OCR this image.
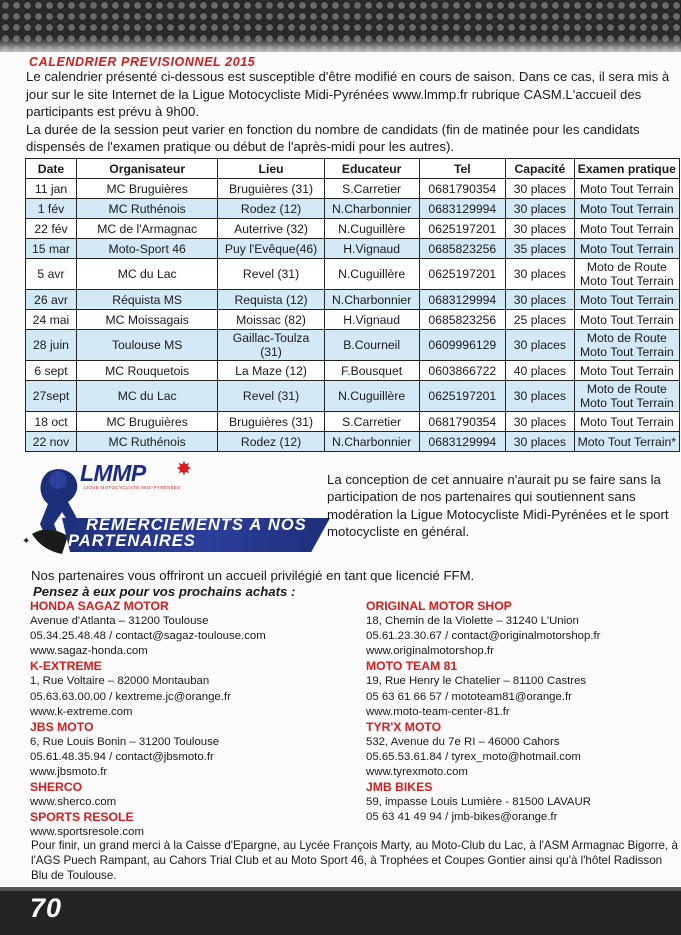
CALENDRIER PREVISIONNEL 2015

Le calendrier présenté ci-dessous est susceptible d'être modifié en cours de saison. Dans ce cas, il sera mis à jour sur le site Internet de la Ligue Motocycliste Midi-Pyrénées www.lmmp.fr rubrique CASM.L'accueil des participants est prévu à 9h00.

La durée de la session peut varier en fonction du nombre de candidats (fin de matinée pour les candidats dispensés de l'examen pratique ou début de l'après-midi pour les autres).

Date	Organisateur	Lieu	Educateur	Tel	Capacité	Examen pratique
11 jan	MC Bruguières	Bruguières (31)	S.Carretier	0681790354	30 places	Moto Tout Terrain

1 fév	MC Ruthénois	Rodez (12)	N.Charbonnier	0683129994	30 places	Moto Tout Terrain

22 fév	MC de l'Armagnac	Auterrive (32)	N.Cuguillère	0625197201	30 places	Moto Tout Terrain

15 mar	Moto-Sport 46	Puy l'Evêque(46)	H.Vignaud	0685823256	35 places	Moto Tout Terrain

5 avr	MC du Lac	Revel (31)	N.Cuguillère	0625197201	30 places	Moto de Route
Moto Tout Terrain

26 avr	Réquista MS	Requista (12)	N.Charbonnier	0683129994	30 places	Moto Tout Terrain

24 mai	MC Moissagais	Moissac (82)	H.Vignaud	0685823256	25 places	Moto Tout Terrain

28 juin	Toulouse MS	Gaillac-Toulza (31)	B.Courneil	0609996129	30 places	Moto de Route
Moto Tout Terrain

6 sept	MC Rouquetois	La Maze (12)	F.Bousquet	0603866722	40 places	Moto Tout Terrain

27sept	MC du Lac	Revel (31)	N.Cuguillère	0625197201	30 places	Moto de Route
Moto Tout Terrain

18 oct	MC Bruguières	Bruguières (31)	S.Carretier	0681790354	30 places	Moto Tout Terrain

22 nov	MC Ruthénois	Rodez (12)	N.Charbonnier	0683129994	30 places	Moto Tout Terrain*
LMMP ✸
LIGUE MOTOCYCLISTE MIDI-PYRÉNÉES
REMERCIEMENTS À NOS
PARTENAIRES
✦
La conception de cet annuaire n'aurait pu se faire sans la participation de nos partenaires qui soutiennent sans modération la Ligue Motocycliste Midi-Pyrénées et le sport motocycliste en général.
Nos partenaires vous offriront un accueil privilégié en tant que licencié FFM.
Pensez à eux pour vos prochains achats :
HONDA SAGAZ MOTOR
Avenue d'Atlanta – 31200 Toulouse
05.34.25.48.48 / contact@sagaz-toulouse.com
www.sagaz-honda.com
K-EXTREME
1, Rue Voltaire – 82000 Montauban
05.63.63.00.00 / kextreme.jc@orange.fr
www.k-extreme.com
JBS MOTO
6, Rue Louis Bonin – 31200 Toulouse
05.61.48.35.94 / contact@jbsmoto.fr
www.jbsmoto.fr
SHERCO
www.sherco.com
SPORTS RESOLE
www.sportsresole.com
ORIGINAL MOTOR SHOP
18, Chemin de la Violette – 31240 L'Union
05.61.23.30.67 / contact@originalmotorshop.fr
www.originalmotorshop.fr
MOTO TEAM 81
19, Rue Henry le Chatelier – 81100 Castres
05 63 61 66 57 / mototeam81@orange.fr
www.moto-team-center-81.fr
TYR'X MOTO
532, Avenue du 7e RI – 46000 Cahors
05.65.53.61.84 / tyrex_moto@hotmail.com
www.tyrexmoto.com
JMB BIKES
59, impasse Louis Lumière - 81500 LAVAUR
05 63 41 49 94 / jmb-bikes@orange.fr
Pour finir, un grand merci à la Caisse d'Epargne, au Lycée François Marty, au Moto-Club du Lac, à l'ASM Armagnac Bigorre, à l'AGS Puech Rampant, au Cahors Trial Club et au Moto Sport 46, à Trophées et Coupes Gontier ainsi qu'à l'hôtel Radisson Blu de Toulouse.
70
